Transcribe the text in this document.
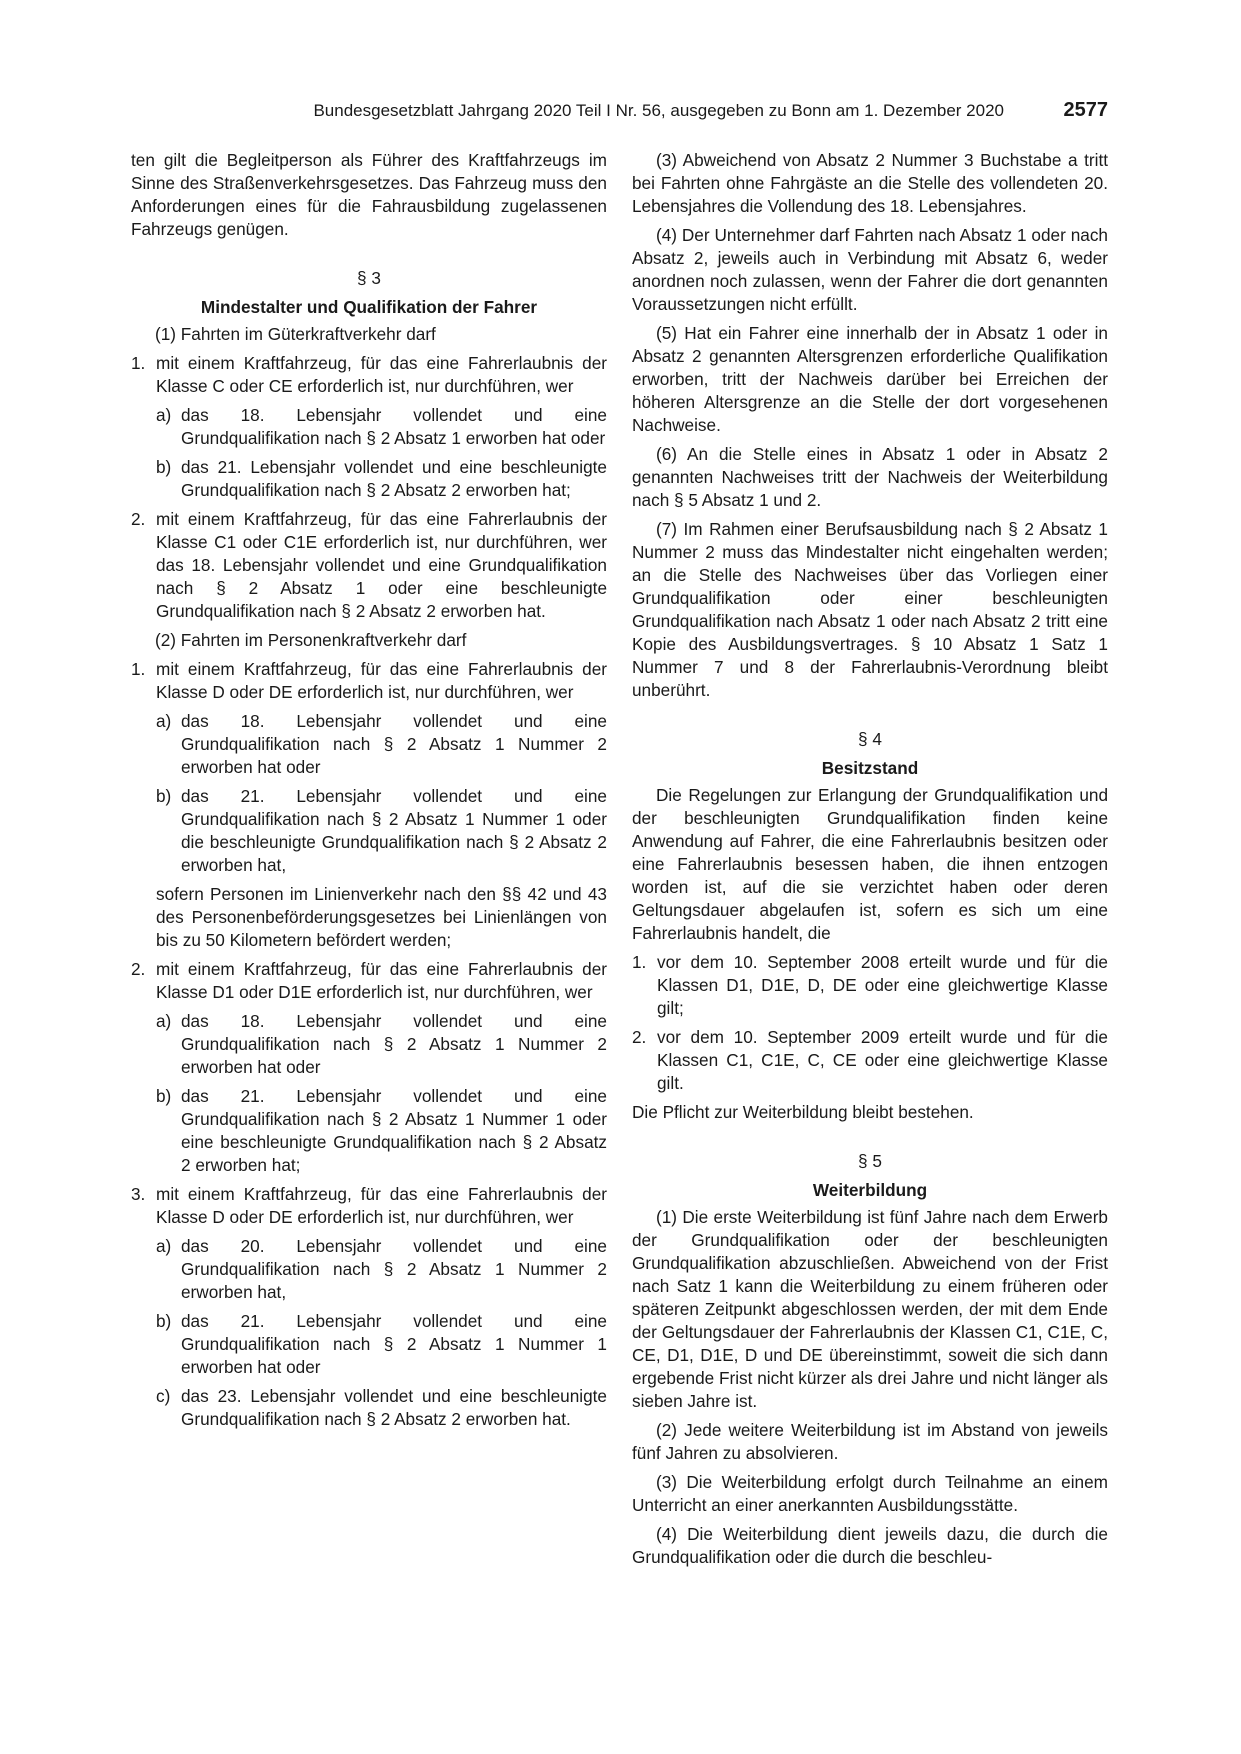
Bundesgesetzblatt Jahrgang 2020 Teil I Nr. 56, ausgegeben zu Bonn am 1. Dezember 2020	2577

ten gilt die Begleitperson als Führer des Kraftfahrzeugs im Sinne des Straßenverkehrsgesetzes. Das Fahrzeug muss den Anforderungen eines für die Fahrausbildung zugelassenen Fahrzeugs genügen.

§ 3
Mindestalter und Qualifikation der Fahrer

(1) Fahrten im Güterkraftverkehr darf

1. mit einem Kraftfahrzeug, für das eine Fahrerlaubnis der Klasse C oder CE erforderlich ist, nur durchführen, wer
a) das 18. Lebensjahr vollendet und eine Grundqualifikation nach § 2 Absatz 1 erworben hat oder
b) das 21. Lebensjahr vollendet und eine beschleunigte Grundqualifikation nach § 2 Absatz 2 erworben hat;
2. mit einem Kraftfahrzeug, für das eine Fahrerlaubnis der Klasse C1 oder C1E erforderlich ist, nur durchführen, wer das 18. Lebensjahr vollendet und eine Grundqualifikation nach § 2 Absatz 1 oder eine beschleunigte Grundqualifikation nach § 2 Absatz 2 erworben hat.

(2) Fahrten im Personenkraftverkehr darf

1. mit einem Kraftfahrzeug, für das eine Fahrerlaubnis der Klasse D oder DE erforderlich ist, nur durchführen, wer
a) das 18. Lebensjahr vollendet und eine Grundqualifikation nach § 2 Absatz 1 Nummer 2 erworben hat oder
b) das 21. Lebensjahr vollendet und eine Grundqualifikation nach § 2 Absatz 1 Nummer 1 oder die beschleunigte Grundqualifikation nach § 2 Absatz 2 erworben hat,
sofern Personen im Linienverkehr nach den §§ 42 und 43 des Personenbeförderungsgesetzes bei Linienlängen von bis zu 50 Kilometern befördert werden;
2. mit einem Kraftfahrzeug, für das eine Fahrerlaubnis der Klasse D1 oder D1E erforderlich ist, nur durchführen, wer
a) das 18. Lebensjahr vollendet und eine Grundqualifikation nach § 2 Absatz 1 Nummer 2 erworben hat oder
b) das 21. Lebensjahr vollendet und eine Grundqualifikation nach § 2 Absatz 1 Nummer 1 oder eine beschleunigte Grundqualifikation nach § 2 Absatz 2 erworben hat;
3. mit einem Kraftfahrzeug, für das eine Fahrerlaubnis der Klasse D oder DE erforderlich ist, nur durchführen, wer
a) das 20. Lebensjahr vollendet und eine Grundqualifikation nach § 2 Absatz 1 Nummer 2 erworben hat,
b) das 21. Lebensjahr vollendet und eine Grundqualifikation nach § 2 Absatz 1 Nummer 1 erworben hat oder
c) das 23. Lebensjahr vollendet und eine beschleunigte Grundqualifikation nach § 2 Absatz 2 erworben hat.

(3) Abweichend von Absatz 2 Nummer 3 Buchstabe a tritt bei Fahrten ohne Fahrgäste an die Stelle des vollendeten 20. Lebensjahres die Vollendung des 18. Lebensjahres.

(4) Der Unternehmer darf Fahrten nach Absatz 1 oder nach Absatz 2, jeweils auch in Verbindung mit Absatz 6, weder anordnen noch zulassen, wenn der Fahrer die dort genannten Voraussetzungen nicht erfüllt.

(5) Hat ein Fahrer eine innerhalb der in Absatz 1 oder in Absatz 2 genannten Altersgrenzen erforderliche Qualifikation erworben, tritt der Nachweis darüber bei Erreichen der höheren Altersgrenze an die Stelle der dort vorgesehenen Nachweise.

(6) An die Stelle eines in Absatz 1 oder in Absatz 2 genannten Nachweises tritt der Nachweis der Weiterbildung nach § 5 Absatz 1 und 2.

(7) Im Rahmen einer Berufsausbildung nach § 2 Absatz 1 Nummer 2 muss das Mindestalter nicht eingehalten werden; an die Stelle des Nachweises über das Vorliegen einer Grundqualifikation oder einer beschleunigten Grundqualifikation nach Absatz 1 oder nach Absatz 2 tritt eine Kopie des Ausbildungsvertrages. § 10 Absatz 1 Satz 1 Nummer 7 und 8 der Fahrerlaubnis-Verordnung bleibt unberührt.

§ 4
Besitzstand

Die Regelungen zur Erlangung der Grundqualifikation und der beschleunigten Grundqualifikation finden keine Anwendung auf Fahrer, die eine Fahrerlaubnis besitzen oder eine Fahrerlaubnis besessen haben, die ihnen entzogen worden ist, auf die sie verzichtet haben oder deren Geltungsdauer abgelaufen ist, sofern es sich um eine Fahrerlaubnis handelt, die

1. vor dem 10. September 2008 erteilt wurde und für die Klassen D1, D1E, D, DE oder eine gleichwertige Klasse gilt;
2. vor dem 10. September 2009 erteilt wurde und für die Klassen C1, C1E, C, CE oder eine gleichwertige Klasse gilt.

Die Pflicht zur Weiterbildung bleibt bestehen.

§ 5
Weiterbildung

(1) Die erste Weiterbildung ist fünf Jahre nach dem Erwerb der Grundqualifikation oder der beschleunigten Grundqualifikation abzuschließen. Abweichend von der Frist nach Satz 1 kann die Weiterbildung zu einem früheren oder späteren Zeitpunkt abgeschlossen werden, der mit dem Ende der Geltungsdauer der Fahrerlaubnis der Klassen C1, C1E, C, CE, D1, D1E, D und DE übereinstimmt, soweit die sich dann ergebende Frist nicht kürzer als drei Jahre und nicht länger als sieben Jahre ist.

(2) Jede weitere Weiterbildung ist im Abstand von jeweils fünf Jahren zu absolvieren.

(3) Die Weiterbildung erfolgt durch Teilnahme an einem Unterricht an einer anerkannten Ausbildungsstätte.

(4) Die Weiterbildung dient jeweils dazu, die durch die Grundqualifikation oder die durch die beschleu-
